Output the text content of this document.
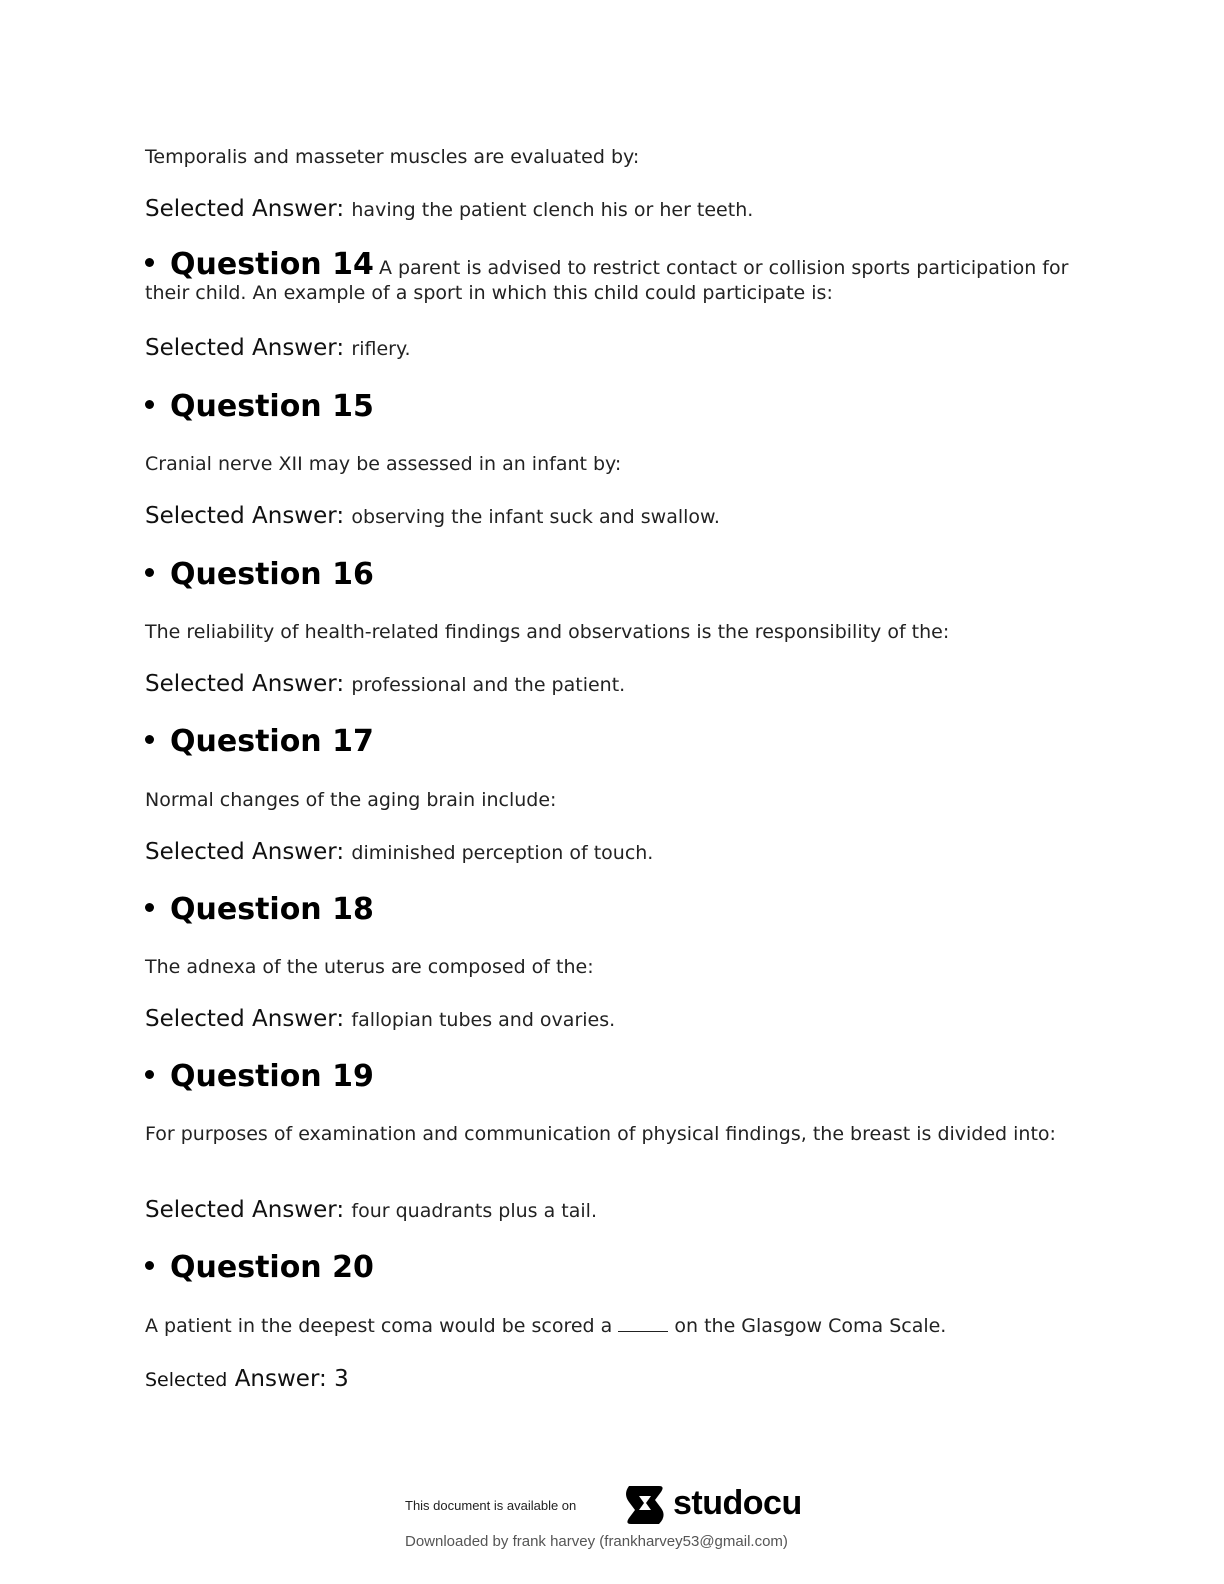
Temporalis and masseter muscles are evaluated by:
Selected Answer: having the patient clench his or her teeth.
Question 14 A parent is advised to restrict contact or collision sports participation for their child. An example of a sport in which this child could participate is:
Selected Answer: riflery.
Question 15
Cranial nerve XII may be assessed in an infant by:
Selected Answer: observing the infant suck and swallow.
Question 16
The reliability of health-related findings and observations is the responsibility of the:
Selected Answer: professional and the patient.
Question 17
Normal changes of the aging brain include:
Selected Answer: diminished perception of touch.
Question 18
The adnexa of the uterus are composed of the:
Selected Answer: fallopian tubes and ovaries.
Question 19
For purposes of examination and communication of physical findings, the breast is divided into:
Selected Answer: four quadrants plus a tail.
Question 20
A patient in the deepest coma would be scored a	on the Glasgow Coma Scale.
Selected Answer: 3
This document is available on	studocu
Downloaded by frank harvey (frankharvey53@gmail.com)
